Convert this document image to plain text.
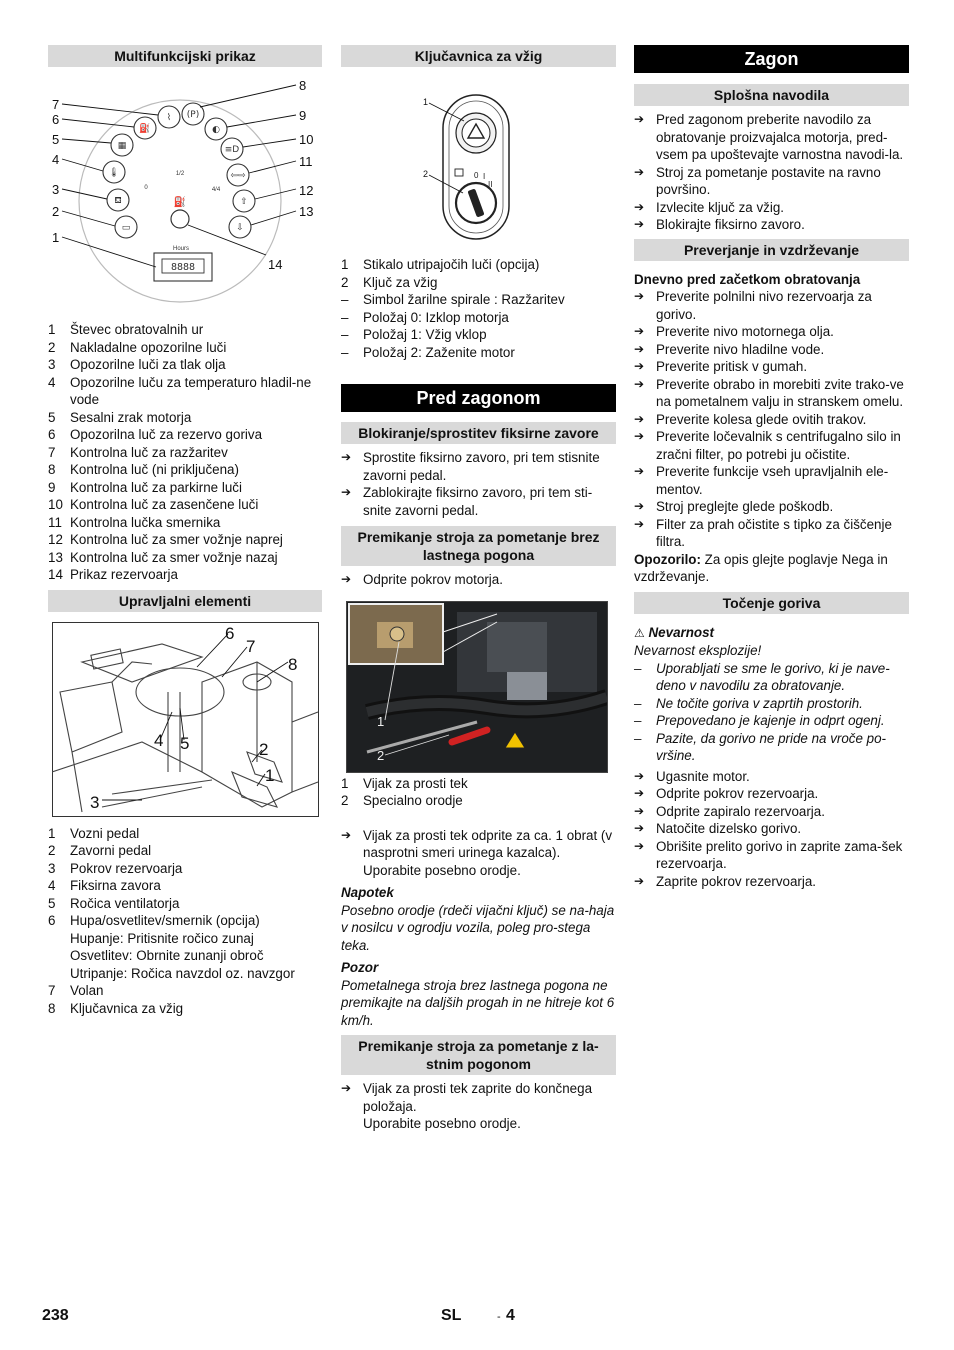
Multifunkcijski prikaz
⌇
⛽
(P)
◐
≡D
▦
🌡	⇦⇨
⛾	⇧
▭	⇩
0
1/2
4/4
⛽
Hours
8888
7
6
5
4
3
2
1
8
9
10
11
12
13
14
1	Števec obratovalnih ur
2	Nakladalne opozorilne luči
3	Opozorilne luči za tlak olja
4	Opozorilne luču za temperaturo hladil-ne vode
5	Sesalni zrak motorja
6	Opozorilna luč za rezervo goriva
7	Kontrolna luč za razžaritev
8	Kontrolna luč (ni priključena)
9	Kontrolna luč za parkirne luči
10 Kontrolna luč za zasenčene luči
11 Kontrolna lučka smernika
12 Kontrolna luč za smer vožnje naprej
13 Kontrolna luč za smer vožnje nazaj
14 Prikaz rezervoarja
Upravljalni elementi
6
7
8
4 5	2
1
3
1	Vozni pedal
2	Zavorni pedal
3	Pokrov rezervoarja
4	Fiksirna zavora
5	Ročica ventilatorja
6	Hupa/osvetlitev/smernik (opcija)
Hupanje: Pritisnite ročico zunaj
Osvetlitev: Obrnite zunanji obroč
Utripanje: Ročica navzdol oz. navzgor
7	Volan
8	Ključavnica za vžig
Ključavnica za vžig
0 I
II
1
2
1	Stikalo utripajočih luči (opcija)
2	Ključ za vžig
–	Simbol žarilne spirale : Razžaritev
–	Položaj 0: Izklop motorja
–	Položaj 1: Vžig vklop
–	Položaj 2: Zaženite motor
Pred zagonom
Blokiranje/sprostitev fiksirne zavore
➔ Sprostite fiksirno zavoro, pri tem stisnite zavorni pedal.
➔ Zablokirajte fiksirno zavoro, pri tem sti-snite zavorni pedal.
Premikanje stroja za pometanje brez lastnega pogona
➔ Odprite pokrov motorja.
1
2
1	Vijak za prosti tek
2	Specialno orodje
➔ Vijak za prosti tek odprite za ca. 1 obrat (v nasprotni smeri urinega kazalca).
Uporabite posebno orodje.
Napotek
Posebno orodje (rdeči vijačni ključ) se na-haja v nosilcu v ogrodju vozila, poleg pro-stega teka.
Pozor
Pometalnega stroja brez lastnega pogona ne premikajte na daljših progah in ne hitreje kot 6 km/h.
Premikanje stroja za pometanje z la-stnim pogonom
➔ Vijak za prosti tek zaprite do končnega položaja.
Uporabite posebno orodje.
Zagon
Splošna navodila
➔ Pred zagonom preberite navodilo za obratovanje proizvajalca motorja, pred-vsem pa upoštevajte varnostna navodi-la.
➔ Stroj za pometanje postavite na ravno površino.
➔ Izvlecite ključ za vžig.
➔ Blokirajte fiksirno zavoro.
Preverjanje in vzdrževanje
Dnevno pred začetkom obratovanja
➔ Preverite polnilni nivo rezervoarja za gorivo.
➔ Preverite nivo motornega olja.
➔ Preverite nivo hladilne vode.
➔ Preverite pritisk v gumah.
➔ Preverite obrabo in morebiti zvite trako-ve na pometalnem valju in stranskem omelu.
➔ Preverite kolesa glede ovitih trakov.
➔ Preverite ločevalnik s centrifugalno silo in zračni filter, po potrebi ju očistite.
➔ Preverite funkcije vseh upravljalnih ele-mentov.
➔ Stroj preglejte glede poškodb.
➔ Filter za prah očistite s tipko za čiščenje filtra.
Opozorilo: Za opis glejte poglavje Nega in vzdrževanje.
Točenje goriva
⚠ Nevarnost
Nevarnost eksplozije!
–	Uporabljati se sme le gorivo, ki je nave-deno v navodilu za obratovanje.
–	Ne točite goriva v zaprtih prostorih.
–	Prepovedano je kajenje in odprt ogenj.
–	Pazite, da gorivo ne pride na vroče po-vršine.
➔ Ugasnite motor.
➔ Odprite pokrov rezervoarja.
➔ Odprite zapiralo rezervoarja.
➔ Natočite dizelsko gorivo.
➔ Obrišite prelito gorivo in zaprite zama-šek rezervoarja.
➔ Zaprite pokrov rezervoarja.
238	SL	- 4
